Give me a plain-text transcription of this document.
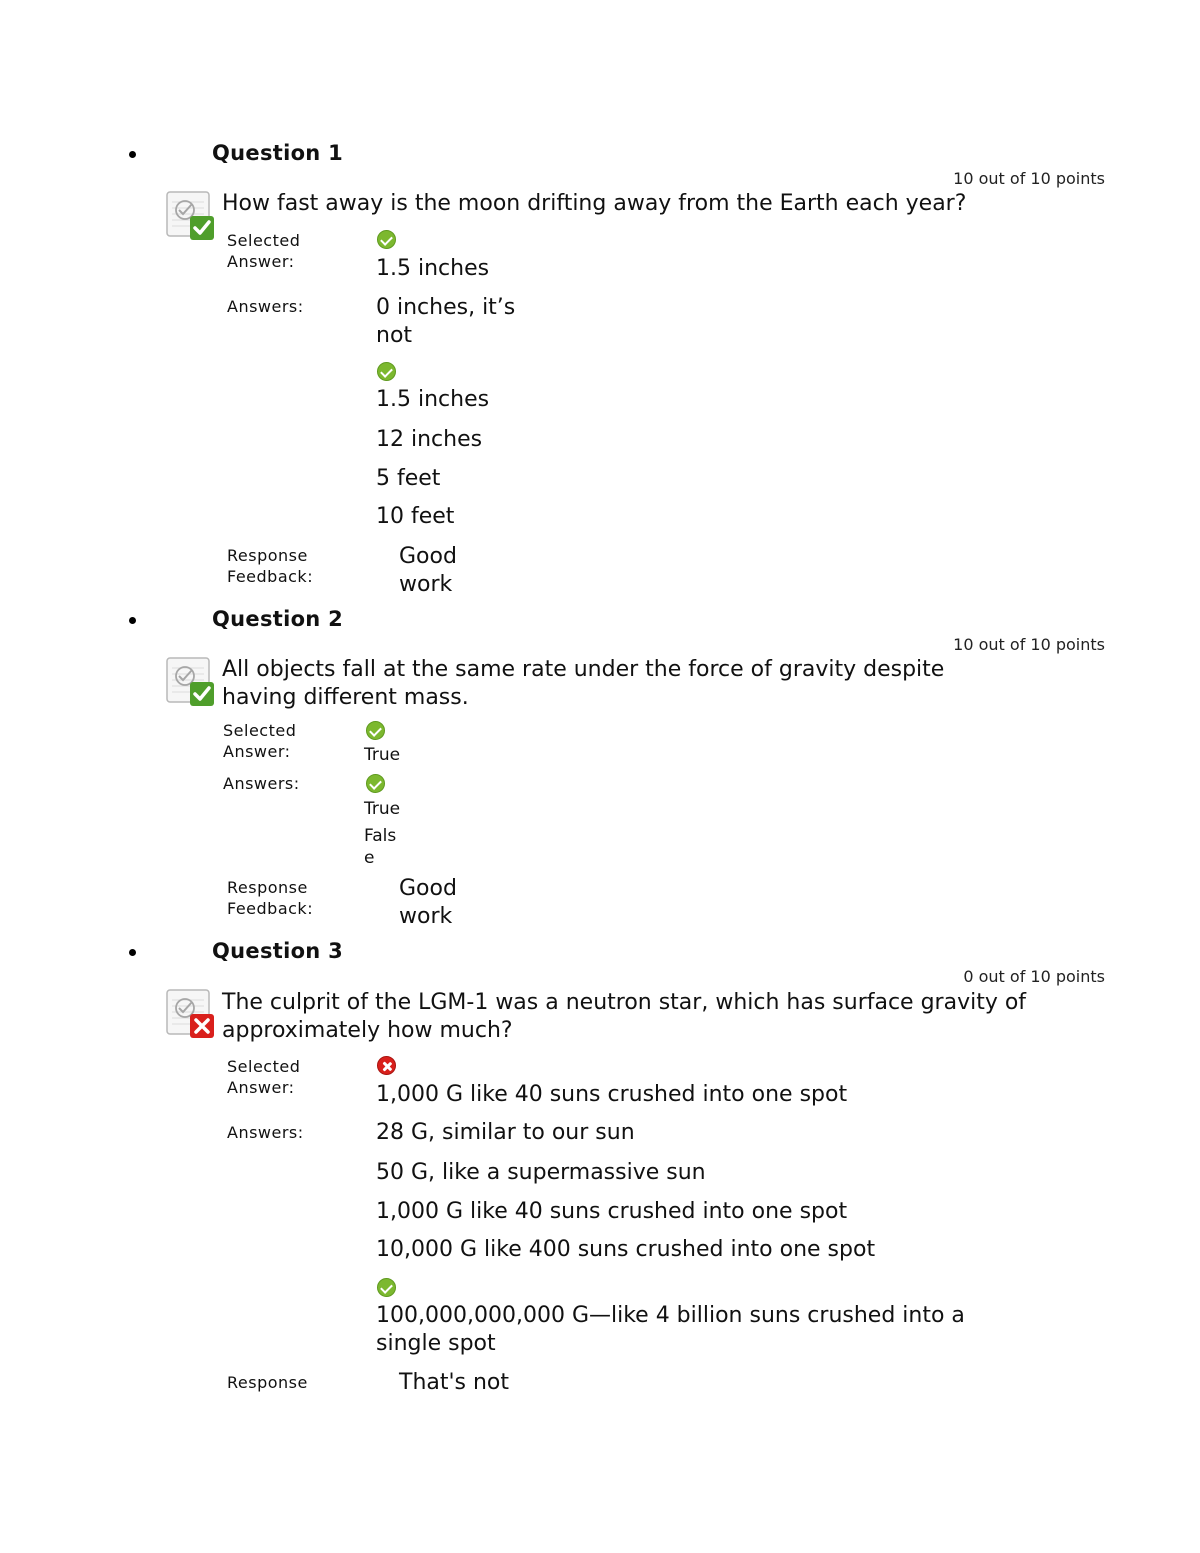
Question 1
10 out of 10 points
How fast away is the moon drifting away from the Earth each year?
Selected Answer:	1.5 inches
Answers:	0 inches, it’s not
1.5 inches
12 inches
5 feet
10 feet
Response Feedback:
Good work
Question 2
10 out of 10 points
All objects fall at the same rate under the force of gravity despite having different mass.
Selected Answer:	True
Answers:
True
False
Response Feedback:
Good work
Question 3
0 out of 10 points
The culprit of the LGM-1 was a neutron star, which has surface gravity of approximately how much?
Selected Answer:	1,000 G like 40 suns crushed into one spot
Answers:	28 G, similar to our sun
50 G, like a supermassive sun
1,000 G like 40 suns crushed into one spot
10,000 G like 400 suns crushed into one spot
100,000,000,000 G—like 4 billion suns crushed into a single spot
Response	That's not
